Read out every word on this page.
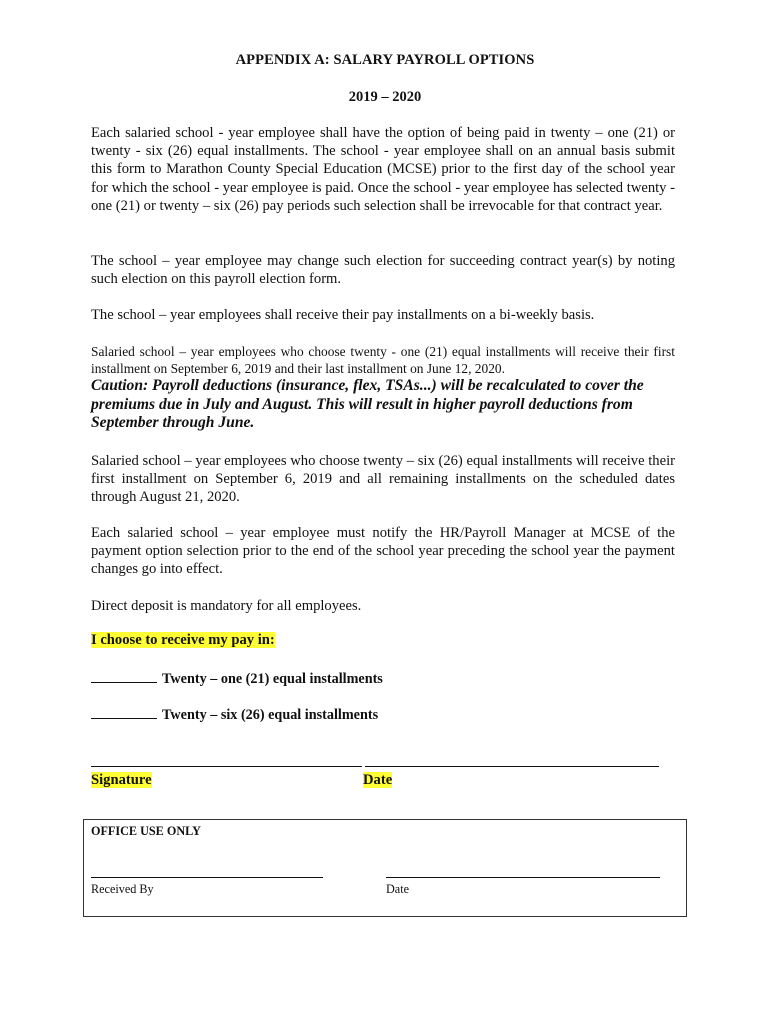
APPENDIX A: SALARY PAYROLL OPTIONS
2019 – 2020

Each salaried school - year employee shall have the option of being paid in twenty – one (21) or twenty - six (26) equal installments. The school - year employee shall on an annual basis submit this form to Marathon County Special Education (MCSE) prior to the first day of the school year for which the school - year employee is paid. Once the school - year employee has selected twenty - one (21) or twenty – six (26) pay periods such selection shall be irrevocable for that contract year.

The school – year employee may change such election for succeeding contract year(s) by noting such election on this payroll election form.

The school – year employees shall receive their pay installments on a bi-weekly basis.

Salaried school – year employees who choose twenty - one (21) equal installments will receive their first installment on September 6, 2019 and their last installment on June 12, 2020.

Caution: Payroll deductions (insurance, flex, TSAs...) will be recalculated to cover the premiums due in July and August. This will result in higher payroll deductions from September through June.

Salaried school – year employees who choose twenty – six (26) equal installments will receive their first installment on September 6, 2019 and all remaining installments on the scheduled dates through August 21, 2020.

Each salaried school – year employee must notify the HR/Payroll Manager at MCSE of the payment option selection prior to the end of the school year preceding the school year the payment changes go into effect.

Direct deposit is mandatory for all employees.

I choose to receive my pay in:
Twenty – one (21) equal installments
Twenty – six (26) equal installments
Signature	Date
OFFICE USE ONLY
Received By	Date
